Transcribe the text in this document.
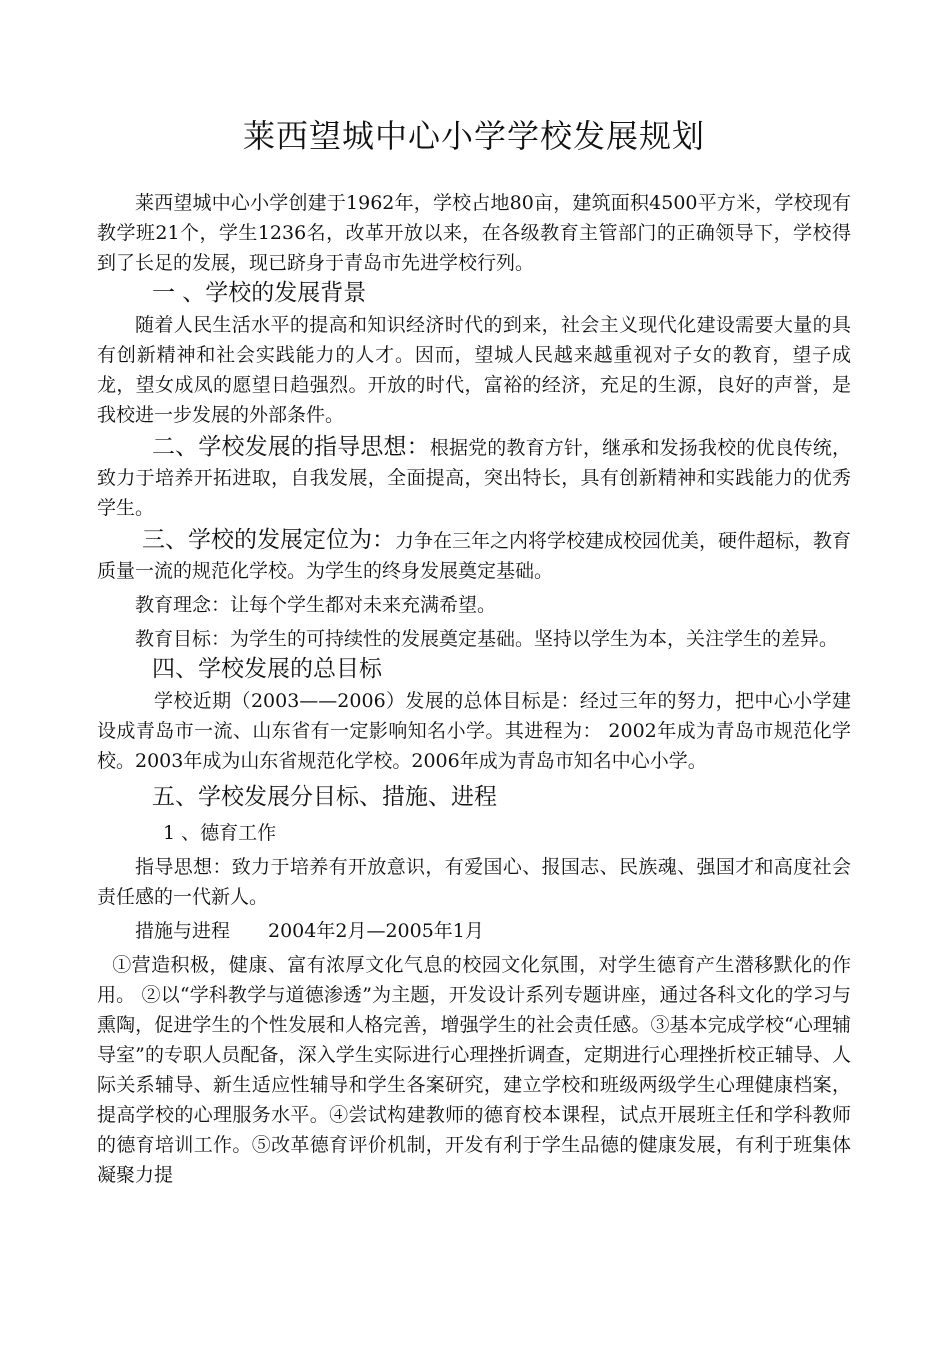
莱西望城中心小学学校发展规划

莱西望城中心小学创建于1962年，学校占地80亩，建筑面积4500平方米，学校现有教学班21个，学生1236名，改革开放以来，在各级教育主管部门的正确领导下，学校得到了长足的发展，现已跻身于青岛市先进学校行列。

一 、学校的发展背景

随着人民生活水平的提高和知识经济时代的到来，社会主义现代化建设需要大量的具有创新精神和社会实践能力的人才。因而，望城人民越来越重视对子女的教育，望子成龙，望女成凤的愿望日趋强烈。开放的时代，富裕的经济，充足的生源，良好的声誉，是我校进一步发展的外部条件。

二、学校发展的指导思想：根据党的教育方针，继承和发扬我校的优良传统，致力于培养开拓进取，自我发展，全面提高，突出特长，具有创新精神和实践能力的优秀学生。

三、学校的发展定位为：力争在三年之内将学校建成校园优美，硬件超标，教育质量一流的规范化学校。为学生的终身发展奠定基础。

教育理念：让每个学生都对未来充满希望。

教育目标：为学生的可持续性的发展奠定基础。坚持以学生为本，关注学生的差异。

四、学校发展的总目标

学校近期（2003——2006）发展的总体目标是：经过三年的努力，把中心小学建设成青岛市一流、山东省有一定影响知名小学。其进程为： 2002年成为青岛市规范化学校。2003年成为山东省规范化学校。2006年成为青岛市知名中心小学。

五、学校发展分目标、措施、进程

1 、德育工作

指导思想：致力于培养有开放意识，有爱国心、报国志、民族魂、强国才和高度社会责任感的一代新人。

措施与进程　　2004年2月—2005年1月

①营造积极，健康、富有浓厚文化气息的校园文化氛围，对学生德育产生潜移默化的作用。 ②以“学科教学与道德渗透”为主题，开发设计系列专题讲座，通过各科文化的学习与熏陶，促进学生的个性发展和人格完善，增强学生的社会责任感。③基本完成学校“心理辅导室”的专职人员配备，深入学生实际进行心理挫折调查，定期进行心理挫折校正辅导、人际关系辅导、新生适应性辅导和学生各案研究，建立学校和班级两级学生心理健康档案，提高学校的心理服务水平。④尝试构建教师的德育校本课程，试点开展班主任和学科教师的德育培训工作。⑤改革德育评价机制，开发有利于学生品德的健康发展，有利于班集体凝聚力提
